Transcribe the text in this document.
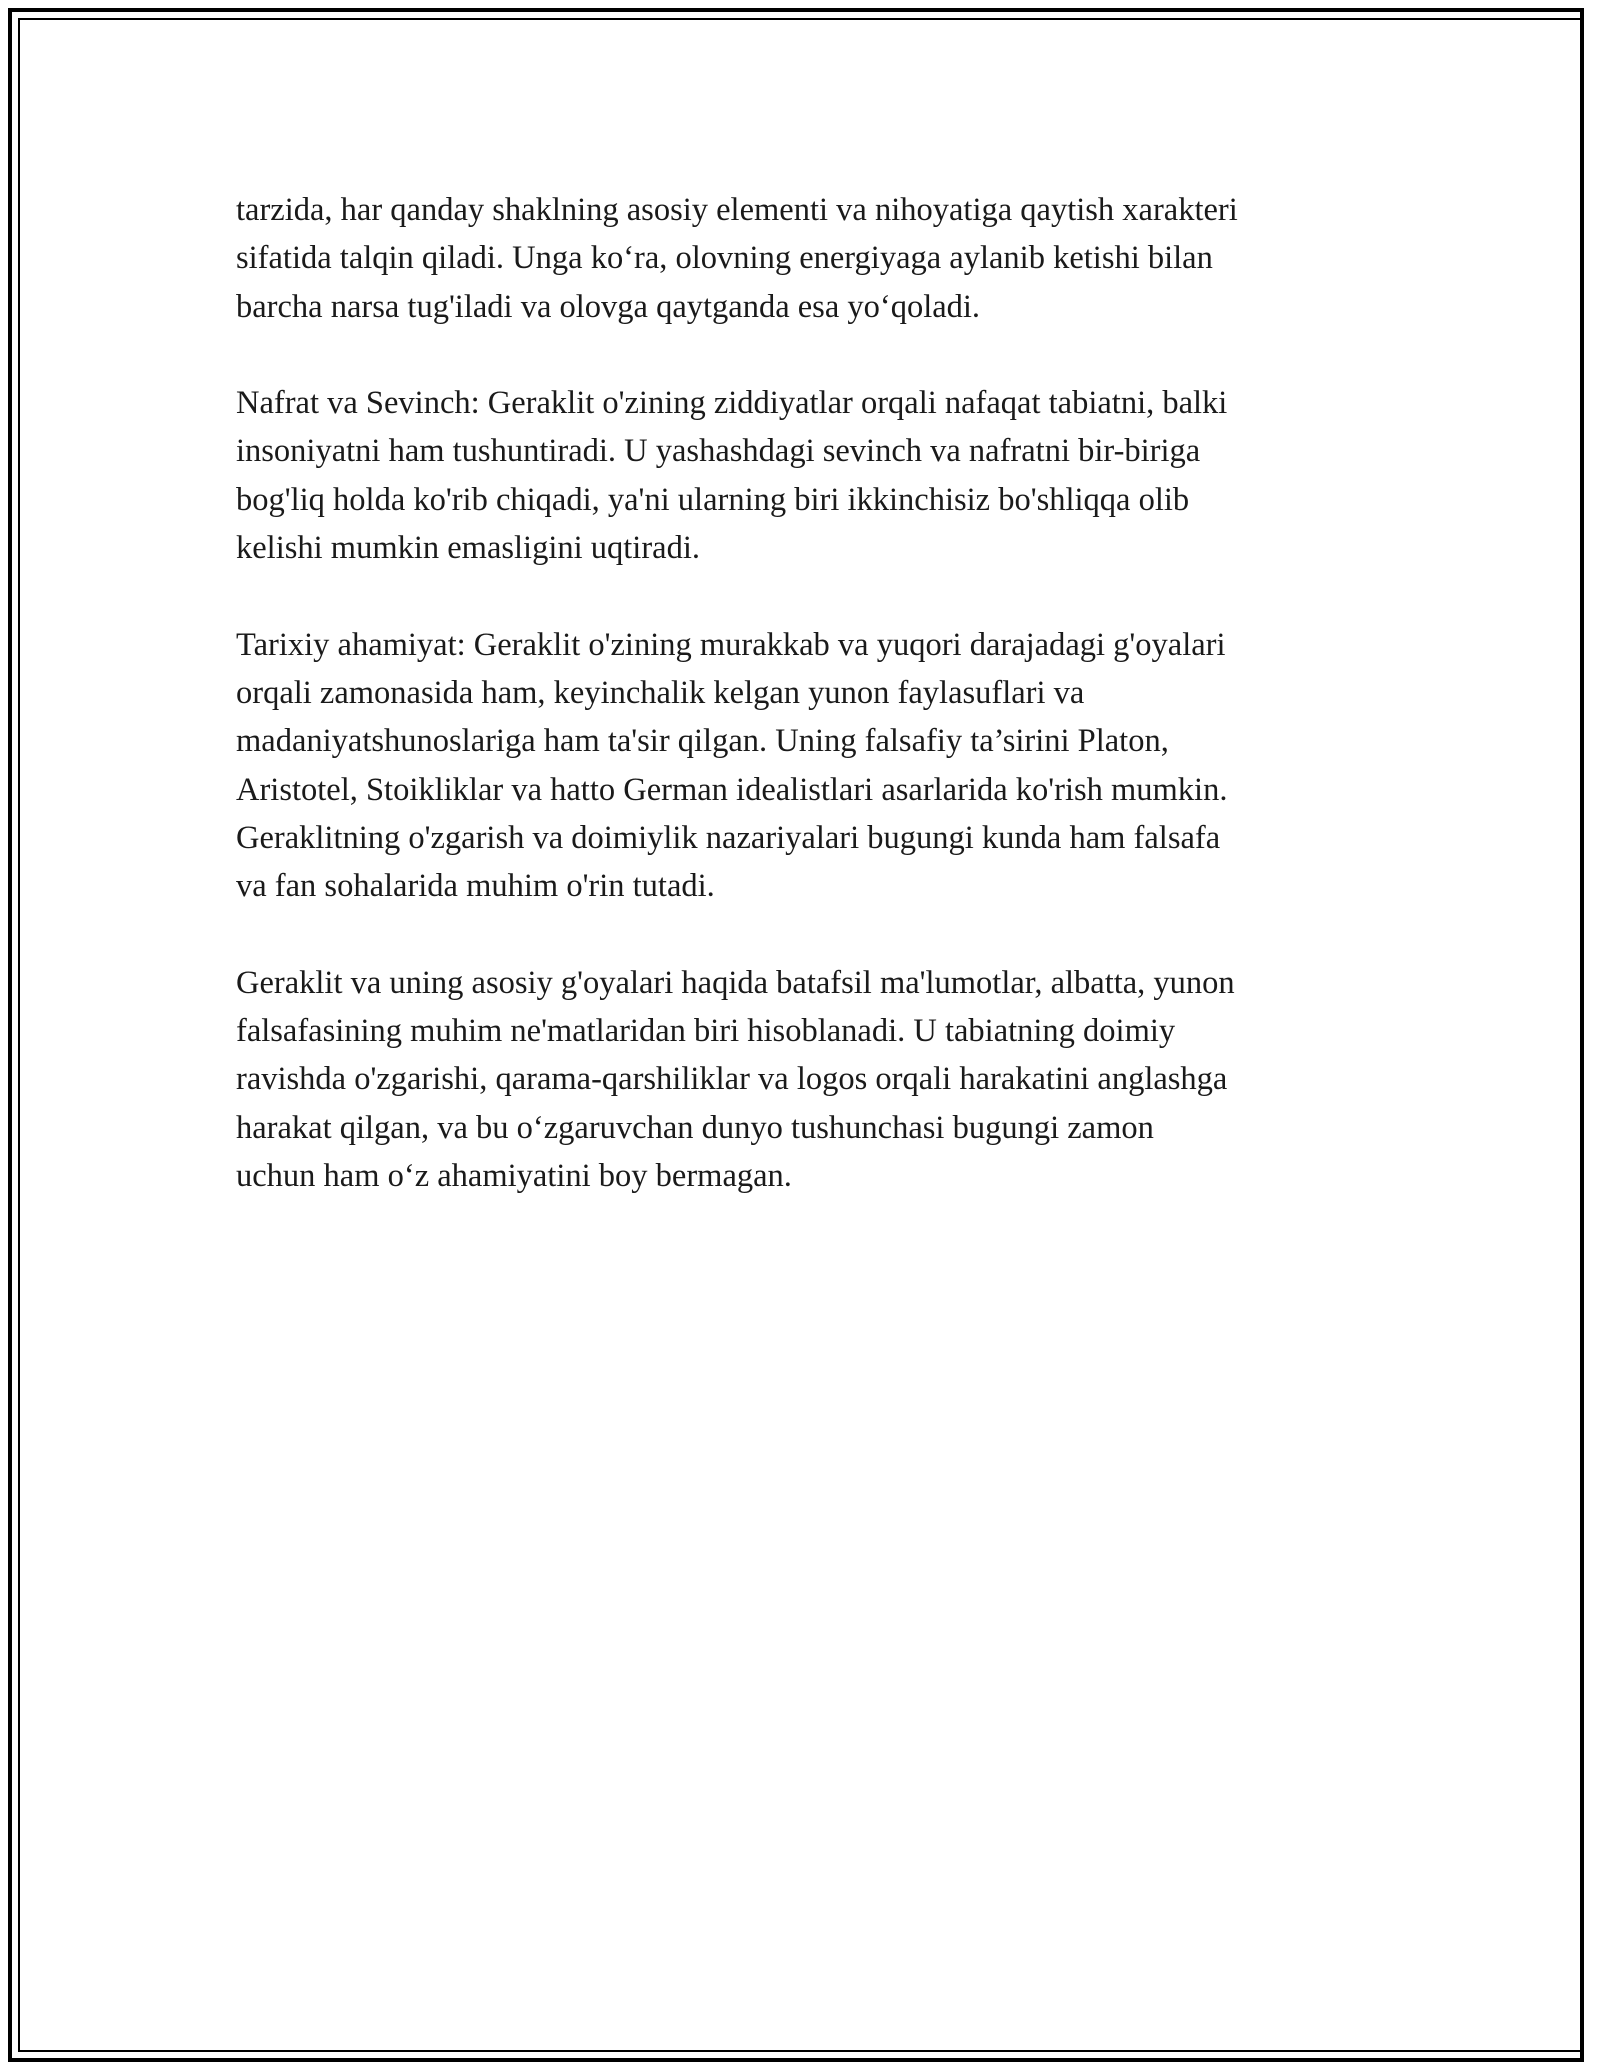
tarzida, har qanday shaklning asosiy elementi va nihoyatiga qaytish xarakteri
sifatida talqin qiladi. Unga koʻra, olovning energiyaga aylanib ketishi bilan
barcha narsa tug'iladi va olovga qaytganda esa yoʻqoladi.

Nafrat va Sevinch: Geraklit o'zining ziddiyatlar orqali nafaqat tabiatni, balki
insoniyatni ham tushuntiradi. U yashashdagi sevinch va nafratni bir-biriga
bog'liq holda ko'rib chiqadi, ya'ni ularning biri ikkinchisiz bo'shliqqa olib
kelishi mumkin emasligini uqtiradi.

Tarixiy ahamiyat: Geraklit o'zining murakkab va yuqori darajadagi g'oyalari
orqali zamonasida ham, keyinchalik kelgan yunon faylasuflari va
madaniyatshunoslariga ham ta'sir qilgan. Uning falsafiy ta’sirini Platon,
Aristotel, Stoikliklar va hatto German idealistlari asarlarida ko'rish mumkin.
Geraklitning o'zgarish va doimiylik nazariyalari bugungi kunda ham falsafa
va fan sohalarida muhim o'rin tutadi.

Geraklit va uning asosiy g'oyalari haqida batafsil ma'lumotlar, albatta, yunon
falsafasining muhim ne'matlaridan biri hisoblanadi. U tabiatning doimiy
ravishda o'zgarishi, qarama-qarshiliklar va logos orqali harakatini anglashga
harakat qilgan, va bu oʻzgaruvchan dunyo tushunchasi bugungi zamon
uchun ham oʻz ahamiyatini boy bermagan.
